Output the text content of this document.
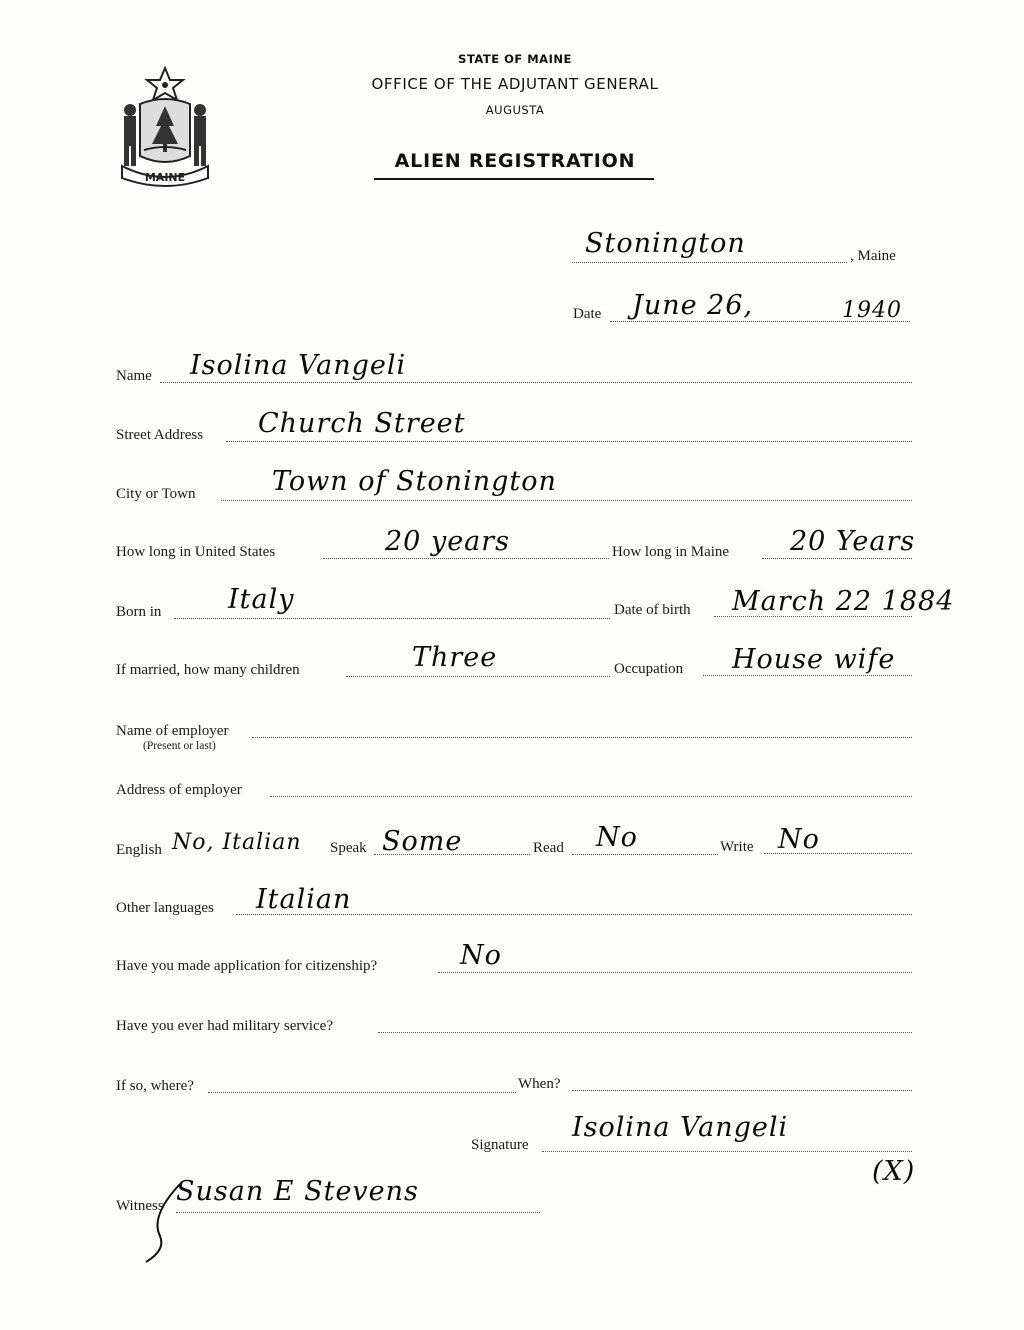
MAINE
STATE OF MAINE
OFFICE OF THE ADJUTANT GENERAL
AUGUSTA
ALIEN REGISTRATION
Stonington	, Maine
Date June 26,	1940
Name Isolina Vangeli
Street Address Church Street
City or Town	Town of Stonington
How long in United States	20 years	How long in Maine 20 Years
Born in Italy	Date of birth March 22 1884
If married, how many children	Three	Occupation House wife
Name of employer
(Present or last)
Address of employer
English No, Italian Speak Some	Read No	Write No
Other languages Italian
Have you made application for citizenship?	No
Have you ever had military service?
If so, where?	When?
Signature
Isolina Vangeli
(X)
Witness Susan E Stevens
